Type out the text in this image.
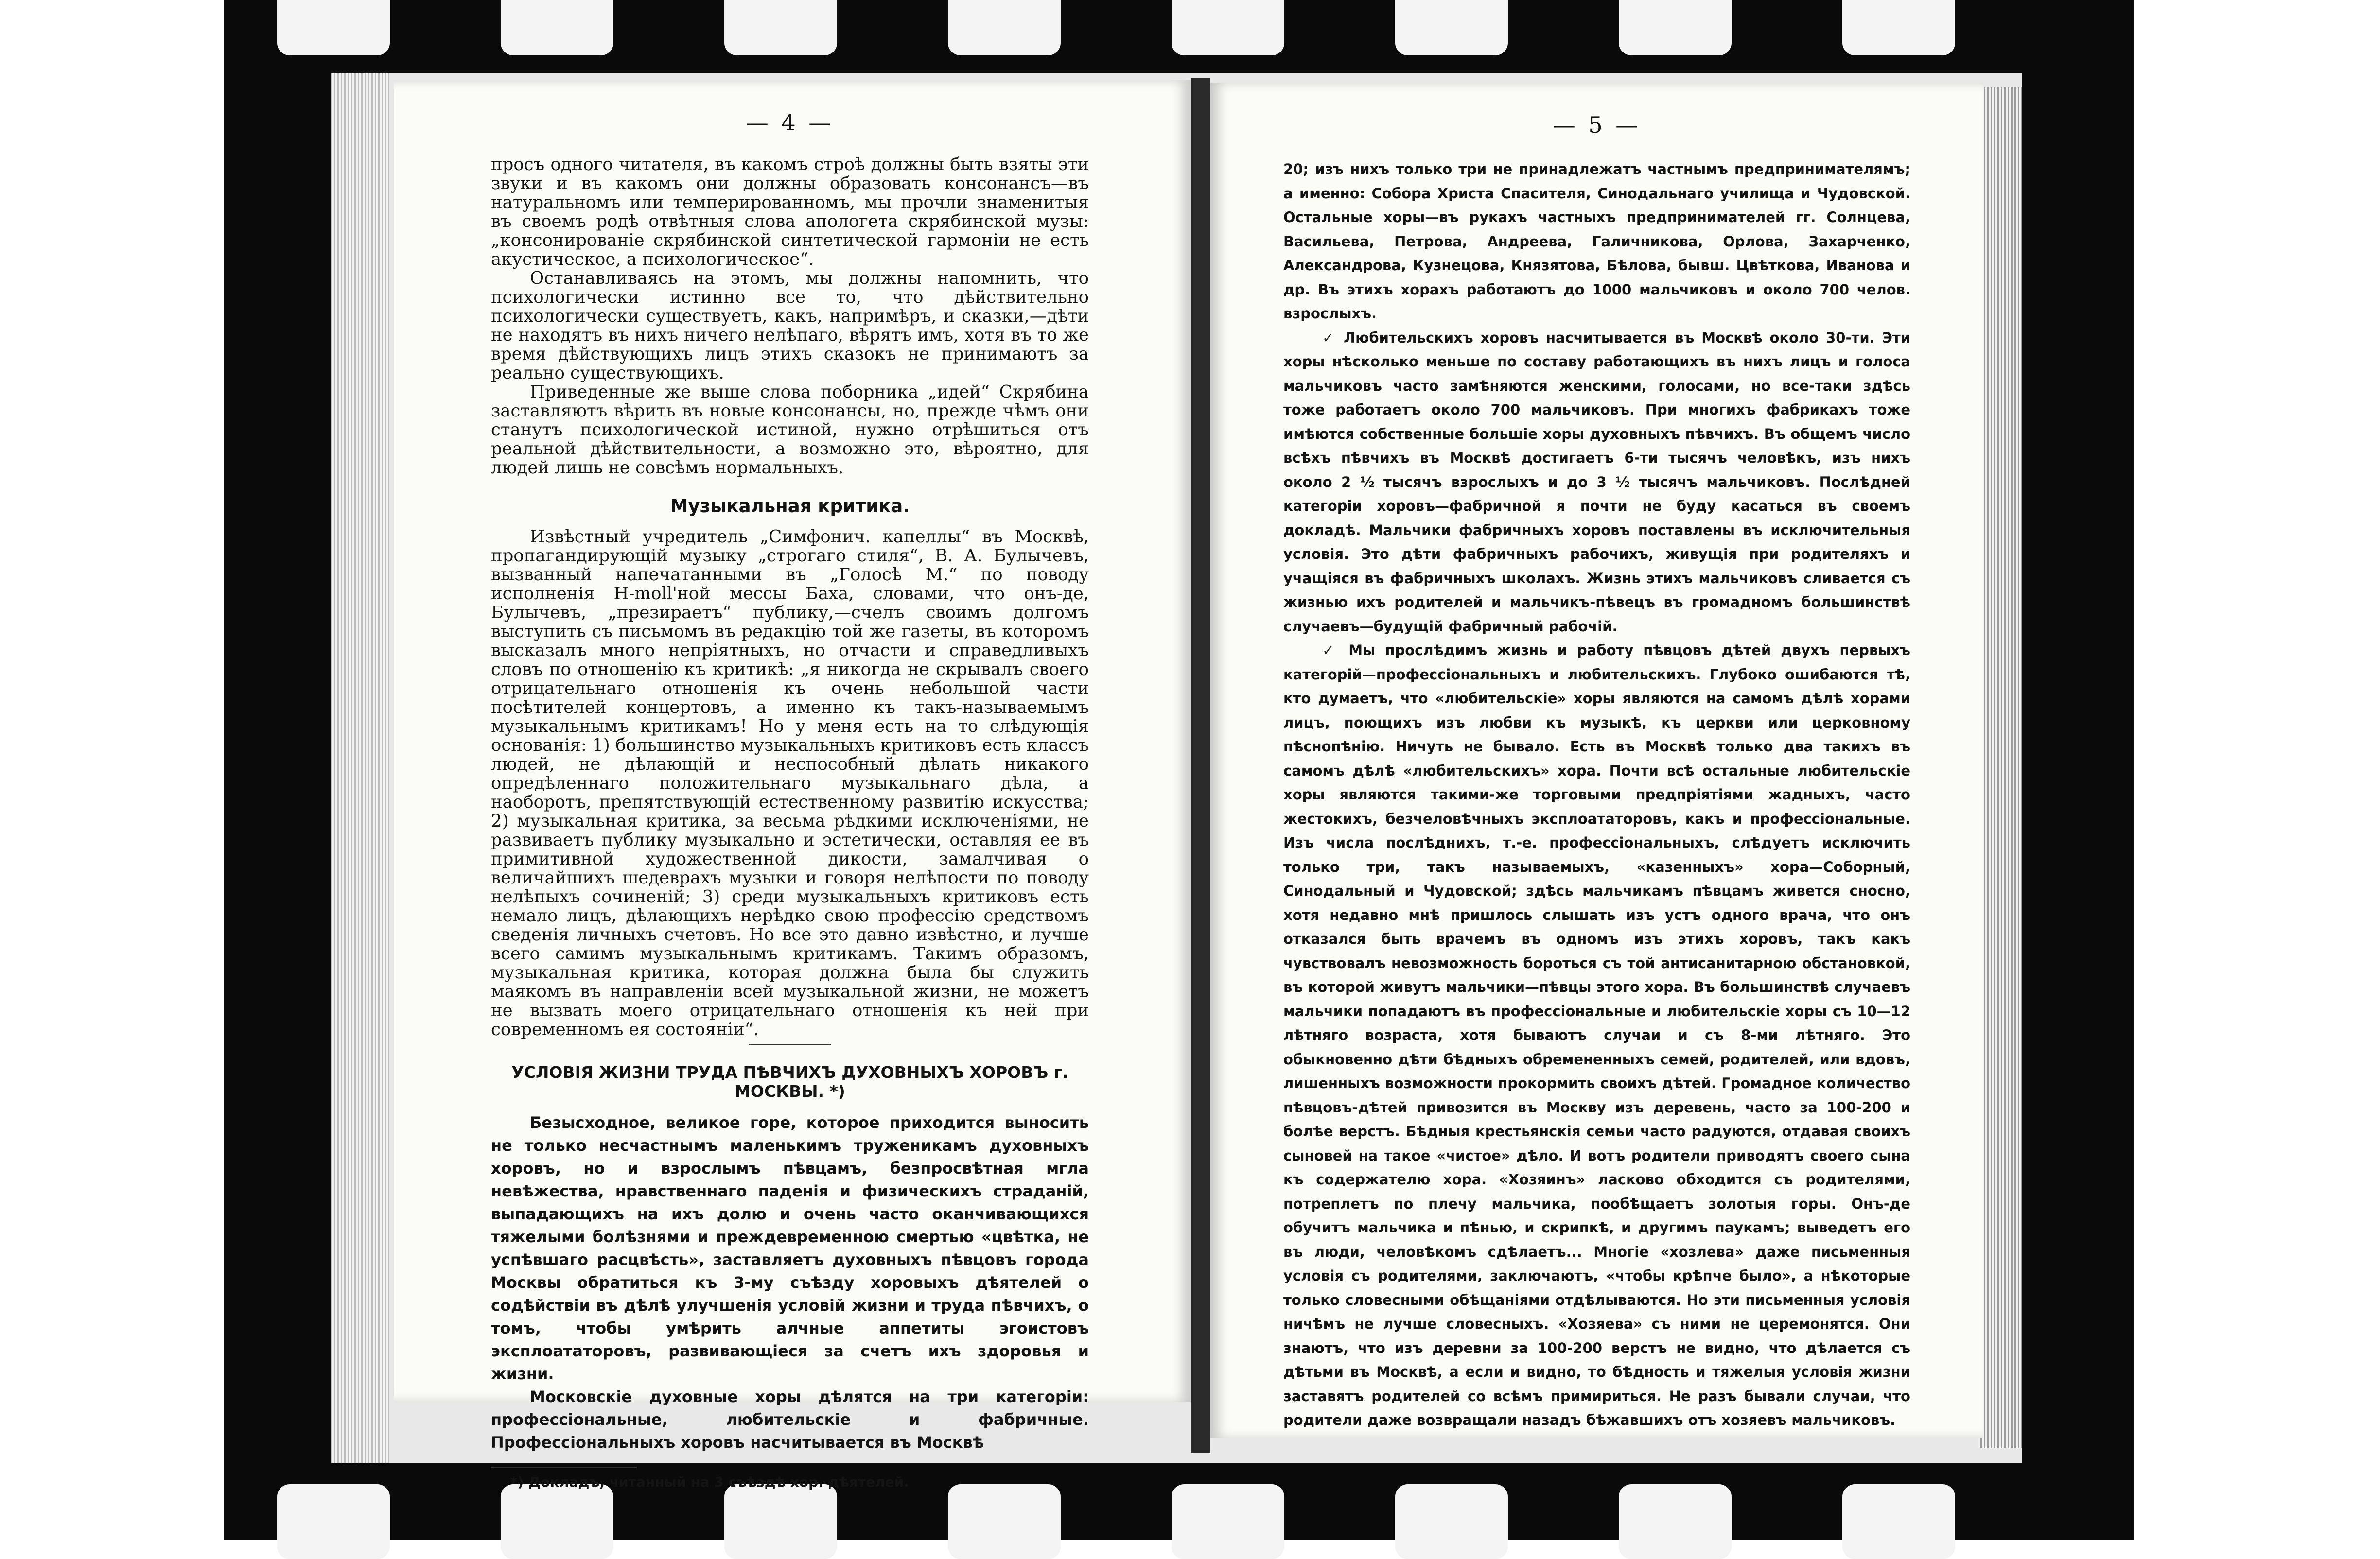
— 4 —

просъ одного читателя, въ какомъ строѣ должны быть взяты эти звуки и въ какомъ они должны образовать консонансъ—въ натуральномъ или темперированномъ, мы прочли знаменитыя въ своемъ родѣ отвѣтныя слова апологета скрябинской музы: „консонированіе скрябинской синтетической гармоніи не есть акустическое, а психологическое“.

Останавливаясь на этомъ, мы должны напомнить, что психологически истинно все то, что дѣйствительно психологически существуетъ, какъ, напримѣръ, и сказки,—дѣти не находятъ въ нихъ ничего нелѣпаго, вѣрятъ имъ, хотя въ то же время дѣйствующихъ лицъ этихъ сказокъ не принимаютъ за реально существующихъ.

Приведенные же выше слова поборника „идей“ Скрябина заставляютъ вѣрить въ новые консонансы, но, прежде чѣмъ они станутъ психологической истиной, нужно отрѣшиться отъ реальной дѣйствительности, а возможно это, вѣроятно, для людей лишь не совсѣмъ нормальныхъ.

Музыкальная критика.

Извѣстный учредитель „Симфонич. капеллы“ въ Москвѣ, пропагандирующій музыку „строгаго стиля“, В. А. Булычевъ, вызванный напечатанными въ „Голосѣ М.“ по поводу исполненія H-moll'ной мессы Баха, словами, что онъ-де, Булычевъ, „презираетъ“ публику,—счелъ своимъ долгомъ выступить съ письмомъ въ редакцію той же газеты, въ которомъ высказалъ много непріятныхъ, но отчасти и справедливыхъ словъ по отношенію къ критикѣ: „я никогда не скрывалъ своего отрицательнаго отношенія къ очень небольшой части посѣтителей концертовъ, а именно къ такъ-называемымъ музыкальнымъ критикамъ! Но у меня есть на то слѣдующія основанія: 1) большинство музыкальныхъ критиковъ есть классъ людей, не дѣлающій и неспособный дѣлать никакого опредѣленнаго положительнаго музыкальнаго дѣла, а наоборотъ, препятствующій естественному развитію искусства; 2) музыкальная критика, за весьма рѣдкими исключеніями, не развиваетъ публику музыкально и эстетически, оставляя ее въ примитивной художественной дикости, замалчивая о величайшихъ шедеврахъ музыки и говоря нелѣпости по поводу нелѣпыхъ сочиненій; 3) среди музыкальныхъ критиковъ есть немало лицъ, дѣлающихъ нерѣдко свою профессію средствомъ сведенія личныхъ счетовъ. Но все это давно извѣстно, и лучше всего самимъ музыкальнымъ критикамъ. Такимъ образомъ, музыкальная критика, которая должна была бы служить маякомъ въ направленіи всей музыкальной жизни, не можетъ не вызвать моего отрицательнаго отношенія къ ней при современномъ ея состояніи“.

УСЛОВІЯ ЖИЗНИ ТРУДА ПѢВЧИХЪ ДУХОВНЫХЪ ХОРОВЪ г. МОСКВЫ. *)

Безысходное, великое горе, которое приходится выносить не только несчастнымъ маленькимъ труженикамъ духовныхъ хоровъ, но и взрослымъ пѣвцамъ, безпросвѣтная мгла невѣжества, нравственнаго паденія и физическихъ страданій, выпадающихъ на ихъ долю и очень часто оканчивающихся тяжелыми болѣзнями и преждевременною смертью «цвѣтка, не успѣвшаго расцвѣсть», заставляетъ духовныхъ пѣвцовъ города Москвы обратиться къ 3-му съѣзду хоровыхъ дѣятелей о содѣйствіи въ дѣлѣ улучшенія условій жизни и труда пѣвчихъ, о томъ, чтобы умѣрить алчные аппетиты эгоистовъ эксплоататоровъ, развивающіеся за счетъ ихъ здоровья и жизни.

Московскіе духовные хоры дѣлятся на три категоріи: профессіональные, любительскіе и фабричные. Профессіональныхъ хоровъ насчитывается въ Москвѣ

*) Докладъ, читанный на 3 съѣздѣ хор. дѣятелей.
— 5 —

20; изъ нихъ только три не принадлежатъ частнымъ предпринимателямъ; а именно: Собора Христа Спасителя, Синодальнаго училища и Чудовской. Остальные хоры—въ рукахъ частныхъ предпринимателей гг. Солнцева, Васильева, Петрова, Андреева, Галичникова, Орлова, Захарченко, Александрова, Кузнецова, Князятова, Бѣлова, бывш. Цвѣткова, Иванова и др. Въ этихъ хорахъ работаютъ до 1000 мальчиковъ и около 700 челов. взрослыхъ.

✓ Любительскихъ хоровъ насчитывается въ Москвѣ около 30-ти. Эти хоры нѣсколько меньше по составу работающихъ въ нихъ лицъ и голоса мальчиковъ часто замѣняются женскими, голосами, но все-таки здѣсь тоже работаетъ около 700 мальчиковъ. При многихъ фабрикахъ тоже имѣются собственные большіе хоры духовныхъ пѣвчихъ. Въ общемъ число всѣхъ пѣвчихъ въ Москвѣ достигаетъ 6-ти тысячъ человѣкъ, изъ нихъ около 2 ½ тысячъ взрослыхъ и до 3 ½ тысячъ мальчиковъ. Послѣдней категоріи хоровъ—фабричной я почти не буду касаться въ своемъ докладѣ. Мальчики фабричныхъ хоровъ поставлены въ исключительныя условія. Это дѣти фабричныхъ рабочихъ, живущія при родителяхъ и учащіяся въ фабричныхъ школахъ. Жизнь этихъ мальчиковъ сливается съ жизнью ихъ родителей и мальчикъ-пѣвецъ въ громадномъ большинствѣ случаевъ—будущій фабричный рабочій.

✓ Мы прослѣдимъ жизнь и работу пѣвцовъ дѣтей двухъ первыхъ категорій—профессіональныхъ и любительскихъ. Глубоко ошибаются тѣ, кто думаетъ, что «любительскіе» хоры являются на самомъ дѣлѣ хорами лицъ, поющихъ изъ любви къ музыкѣ, къ церкви или церковному пѣснопѣнію. Ничуть не бывало. Есть въ Москвѣ только два такихъ въ самомъ дѣлѣ «любительскихъ» хора. Почти всѣ остальные любительскіе хоры являются такими-же торговыми предпріятіями жадныхъ, часто жестокихъ, безчеловѣчныхъ эксплоататоровъ, какъ и профессіональные. Изъ числа послѣднихъ, т.-е. профессіональныхъ, слѣдуетъ исключить только три, такъ называемыхъ, «казенныхъ» хора—Соборный, Синодальный и Чудовской; здѣсь мальчикамъ пѣвцамъ живется сносно, хотя недавно мнѣ пришлось слышать изъ устъ одного врача, что онъ отказался быть врачемъ въ одномъ изъ этихъ хоровъ, такъ какъ чувствовалъ невозможность бороться съ той антисанитарною обстановкой, въ которой живутъ мальчики—пѣвцы этого хора. Въ большинствѣ случаевъ мальчики попадаютъ въ профессіональные и любительскіе хоры съ 10—12 лѣтняго возраста, хотя бываютъ случаи и съ 8-ми лѣтняго. Это обыкновенно дѣти бѣдныхъ обремененныхъ семей, родителей, или вдовъ, лишенныхъ возможности прокормить своихъ дѣтей. Громадное количество пѣвцовъ-дѣтей привозится въ Москву изъ деревень, часто за 100-200 и болѣе верстъ. Бѣдныя крестьянскія семьи часто радуются, отдавая своихъ сыновей на такое «чистое» дѣло. И вотъ родители приводятъ своего сына къ содержателю хора. «Хозяинъ» ласково обходится съ родителями, потреплетъ по плечу мальчика, пообѣщаетъ золотыя горы. Онъ-де обучитъ мальчика и пѣнью, и скрипкѣ, и другимъ паукамъ; выведетъ его въ люди, человѣкомъ сдѣлаетъ... Многіе «хозлева» даже письменныя условія съ родителями, заключаютъ, «чтобы крѣпче было», а нѣкоторые только словесными обѣщаніями отдѣлываются. Но эти письменныя условія ничѣмъ не лучше словесныхъ. «Хозяева» съ ними не церемонятся. Они знаютъ, что изъ деревни за 100-200 верстъ не видно, что дѣлается съ дѣтьми въ Москвѣ, а если и видно, то бѣдность и тяжелыя условія жизни заставятъ родителей со всѣмъ примириться. Не разъ бывали случаи, что родители даже возвращали назадъ бѣжавшихъ отъ хозяевъ мальчиковъ.
